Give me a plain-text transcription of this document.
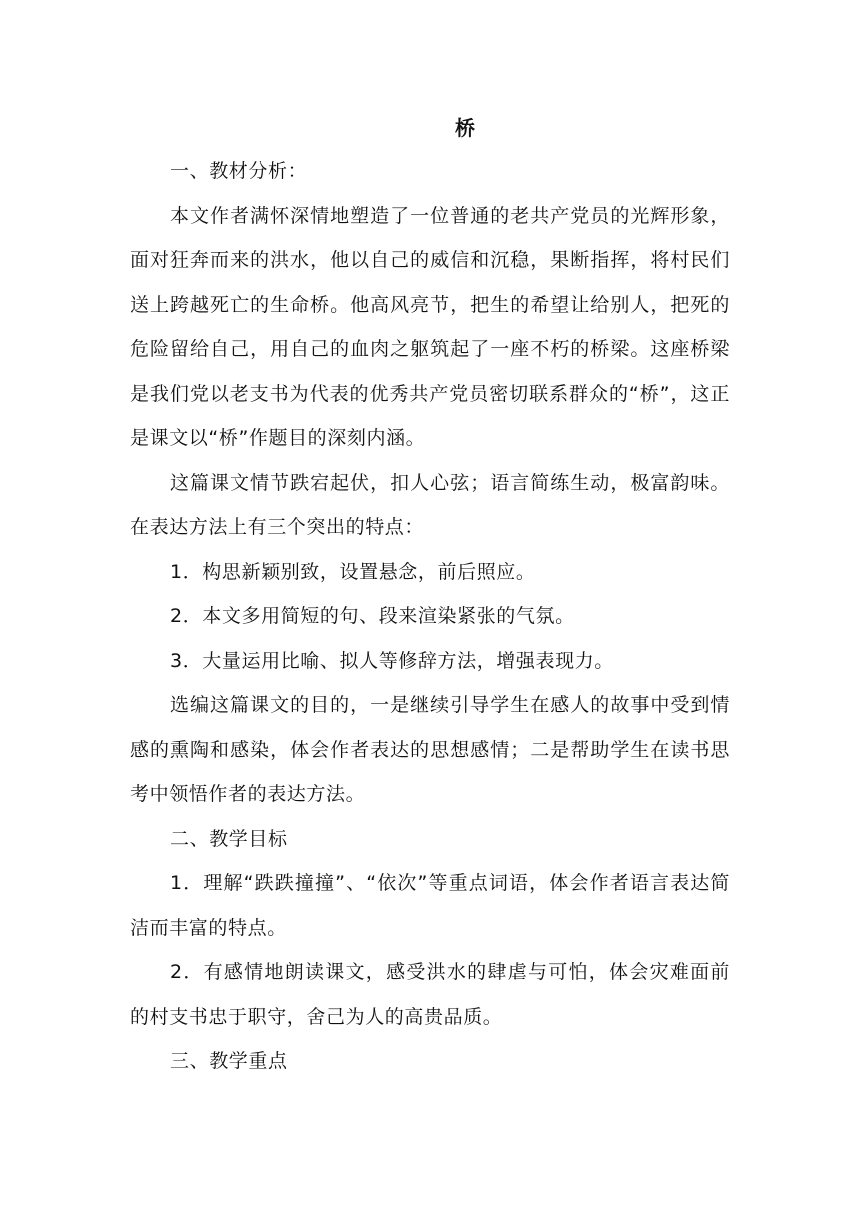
桥

一、教材分析：

本文作者满怀深情地塑造了一位普通的老共产党员的光辉形象，面对狂奔而来的洪水，他以自己的威信和沉稳，果断指挥，将村民们送上跨越死亡的生命桥。他高风亮节，把生的希望让给别人，把死的危险留给自己，用自己的血肉之躯筑起了一座不朽的桥梁。这座桥梁是我们党以老支书为代表的优秀共产党员密切联系群众的“桥”，这正是课文以“桥”作题目的深刻内涵。

这篇课文情节跌宕起伏，扣人心弦；语言简练生动，极富韵味。在表达方法上有三个突出的特点：

1．构思新颖别致，设置悬念，前后照应。

2．本文多用简短的句、段来渲染紧张的气氛。

3．大量运用比喻、拟人等修辞方法，增强表现力。

选编这篇课文的目的，一是继续引导学生在感人的故事中受到情感的熏陶和感染，体会作者表达的思想感情；二是帮助学生在读书思考中领悟作者的表达方法。

二、教学目标

1．理解“跌跌撞撞”、“依次”等重点词语，体会作者语言表达简洁而丰富的特点。

2．有感情地朗读课文，感受洪水的肆虐与可怕，体会灾难面前的村支书忠于职守，舍己为人的高贵品质。

三、教学重点
